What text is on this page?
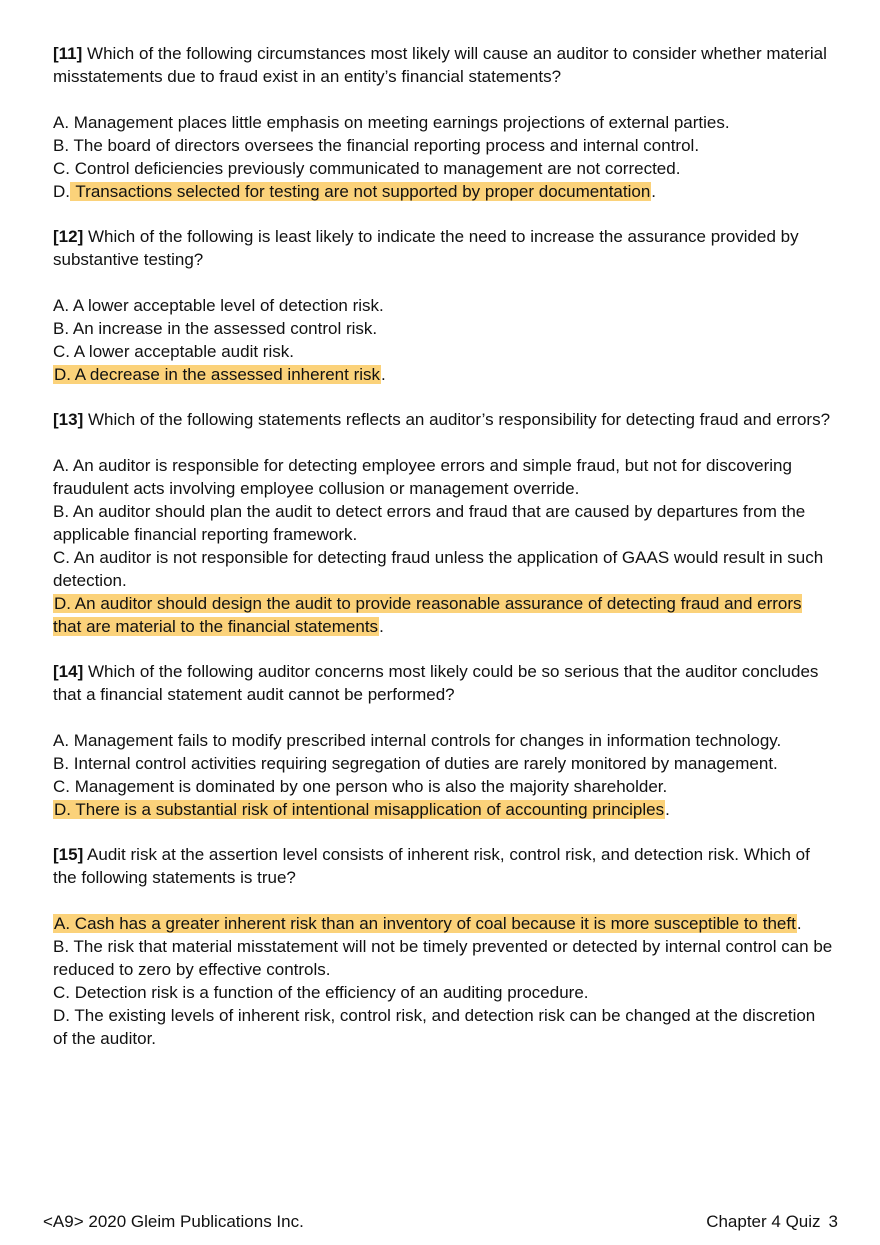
[11] Which of the following circumstances most likely will cause an auditor to consider whether material misstatements due to fraud exist in an entity’s financial statements?
A. Management places little emphasis on meeting earnings projections of external parties.
B. The board of directors oversees the financial reporting process and internal control.
C. Control deficiencies previously communicated to management are not corrected.
D. Transactions selected for testing are not supported by proper documentation.
[12] Which of the following is least likely to indicate the need to increase the assurance provided by substantive testing?
A. A lower acceptable level of detection risk.
B. An increase in the assessed control risk.
C. A lower acceptable audit risk.
D. A decrease in the assessed inherent risk.
[13] Which of the following statements reflects an auditor’s responsibility for detecting fraud and errors?
A. An auditor is responsible for detecting employee errors and simple fraud, but not for discovering fraudulent acts involving employee collusion or management override.
B. An auditor should plan the audit to detect errors and fraud that are caused by departures from the applicable financial reporting framework.
C. An auditor is not responsible for detecting fraud unless the application of GAAS would result in such detection.
D. An auditor should design the audit to provide reasonable assurance of detecting fraud and errors that are material to the financial statements.
[14] Which of the following auditor concerns most likely could be so serious that the auditor concludes that a financial statement audit cannot be performed?
A. Management fails to modify prescribed internal controls for changes in information technology.
B. Internal control activities requiring segregation of duties are rarely monitored by management.
C. Management is dominated by one person who is also the majority shareholder.
D. There is a substantial risk of intentional misapplication of accounting principles.
[15] Audit risk at the assertion level consists of inherent risk, control risk, and detection risk. Which of the following statements is true?
A. Cash has a greater inherent risk than an inventory of coal because it is more susceptible to theft.
B. The risk that material misstatement will not be timely prevented or detected by internal control can be reduced to zero by effective controls.
C. Detection risk is a function of the efficiency of an auditing procedure.
D. The existing levels of inherent risk, control risk, and detection risk can be changed at the discretion of the auditor.
<A9> 2020 Gleim Publications Inc.	Chapter 4 Quiz 3
